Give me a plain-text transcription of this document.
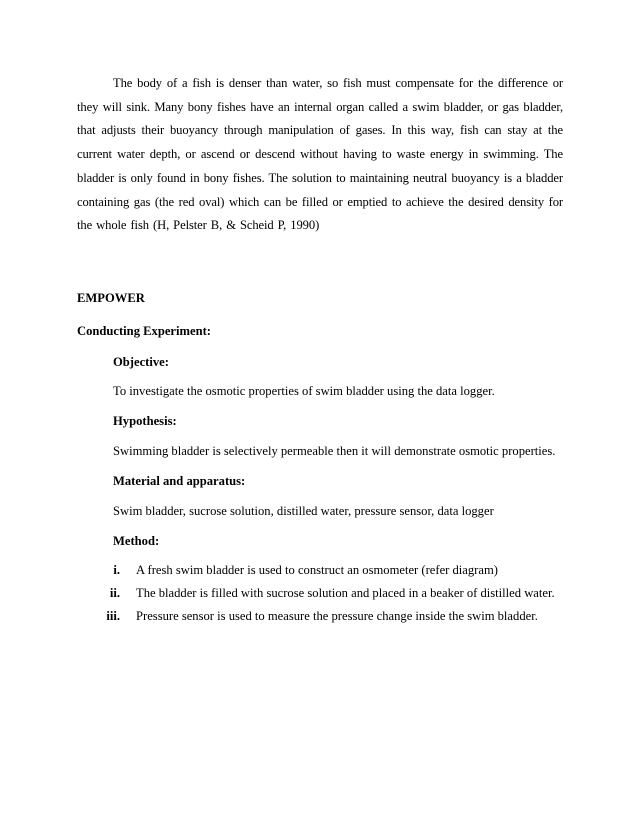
The body of a fish is denser than water, so fish must compensate for the difference or they will sink. Many bony fishes have an internal organ called a swim bladder, or gas bladder, that adjusts their buoyancy through manipulation of gases. In this way, fish can stay at the current water depth, or ascend or descend without having to waste energy in swimming. The bladder is only found in bony fishes. The solution to maintaining neutral buoyancy is a bladder containing gas (the red oval) which can be filled or emptied to achieve the desired density for the whole fish (H, Pelster B, & Scheid P, 1990)

EMPOWER

Conducting Experiment:

Objective:

To investigate the osmotic properties of swim bladder using the data logger.

Hypothesis:

Swimming bladder is selectively permeable then it will demonstrate osmotic properties.

Material and apparatus:

Swim bladder, sucrose solution, distilled water, pressure sensor, data logger

Method:

i. A fresh swim bladder is used to construct an osmometer (refer diagram)

ii. The bladder is filled with sucrose solution and placed in a beaker of distilled water.

iii. Pressure sensor is used to measure the pressure change inside the swim bladder.
